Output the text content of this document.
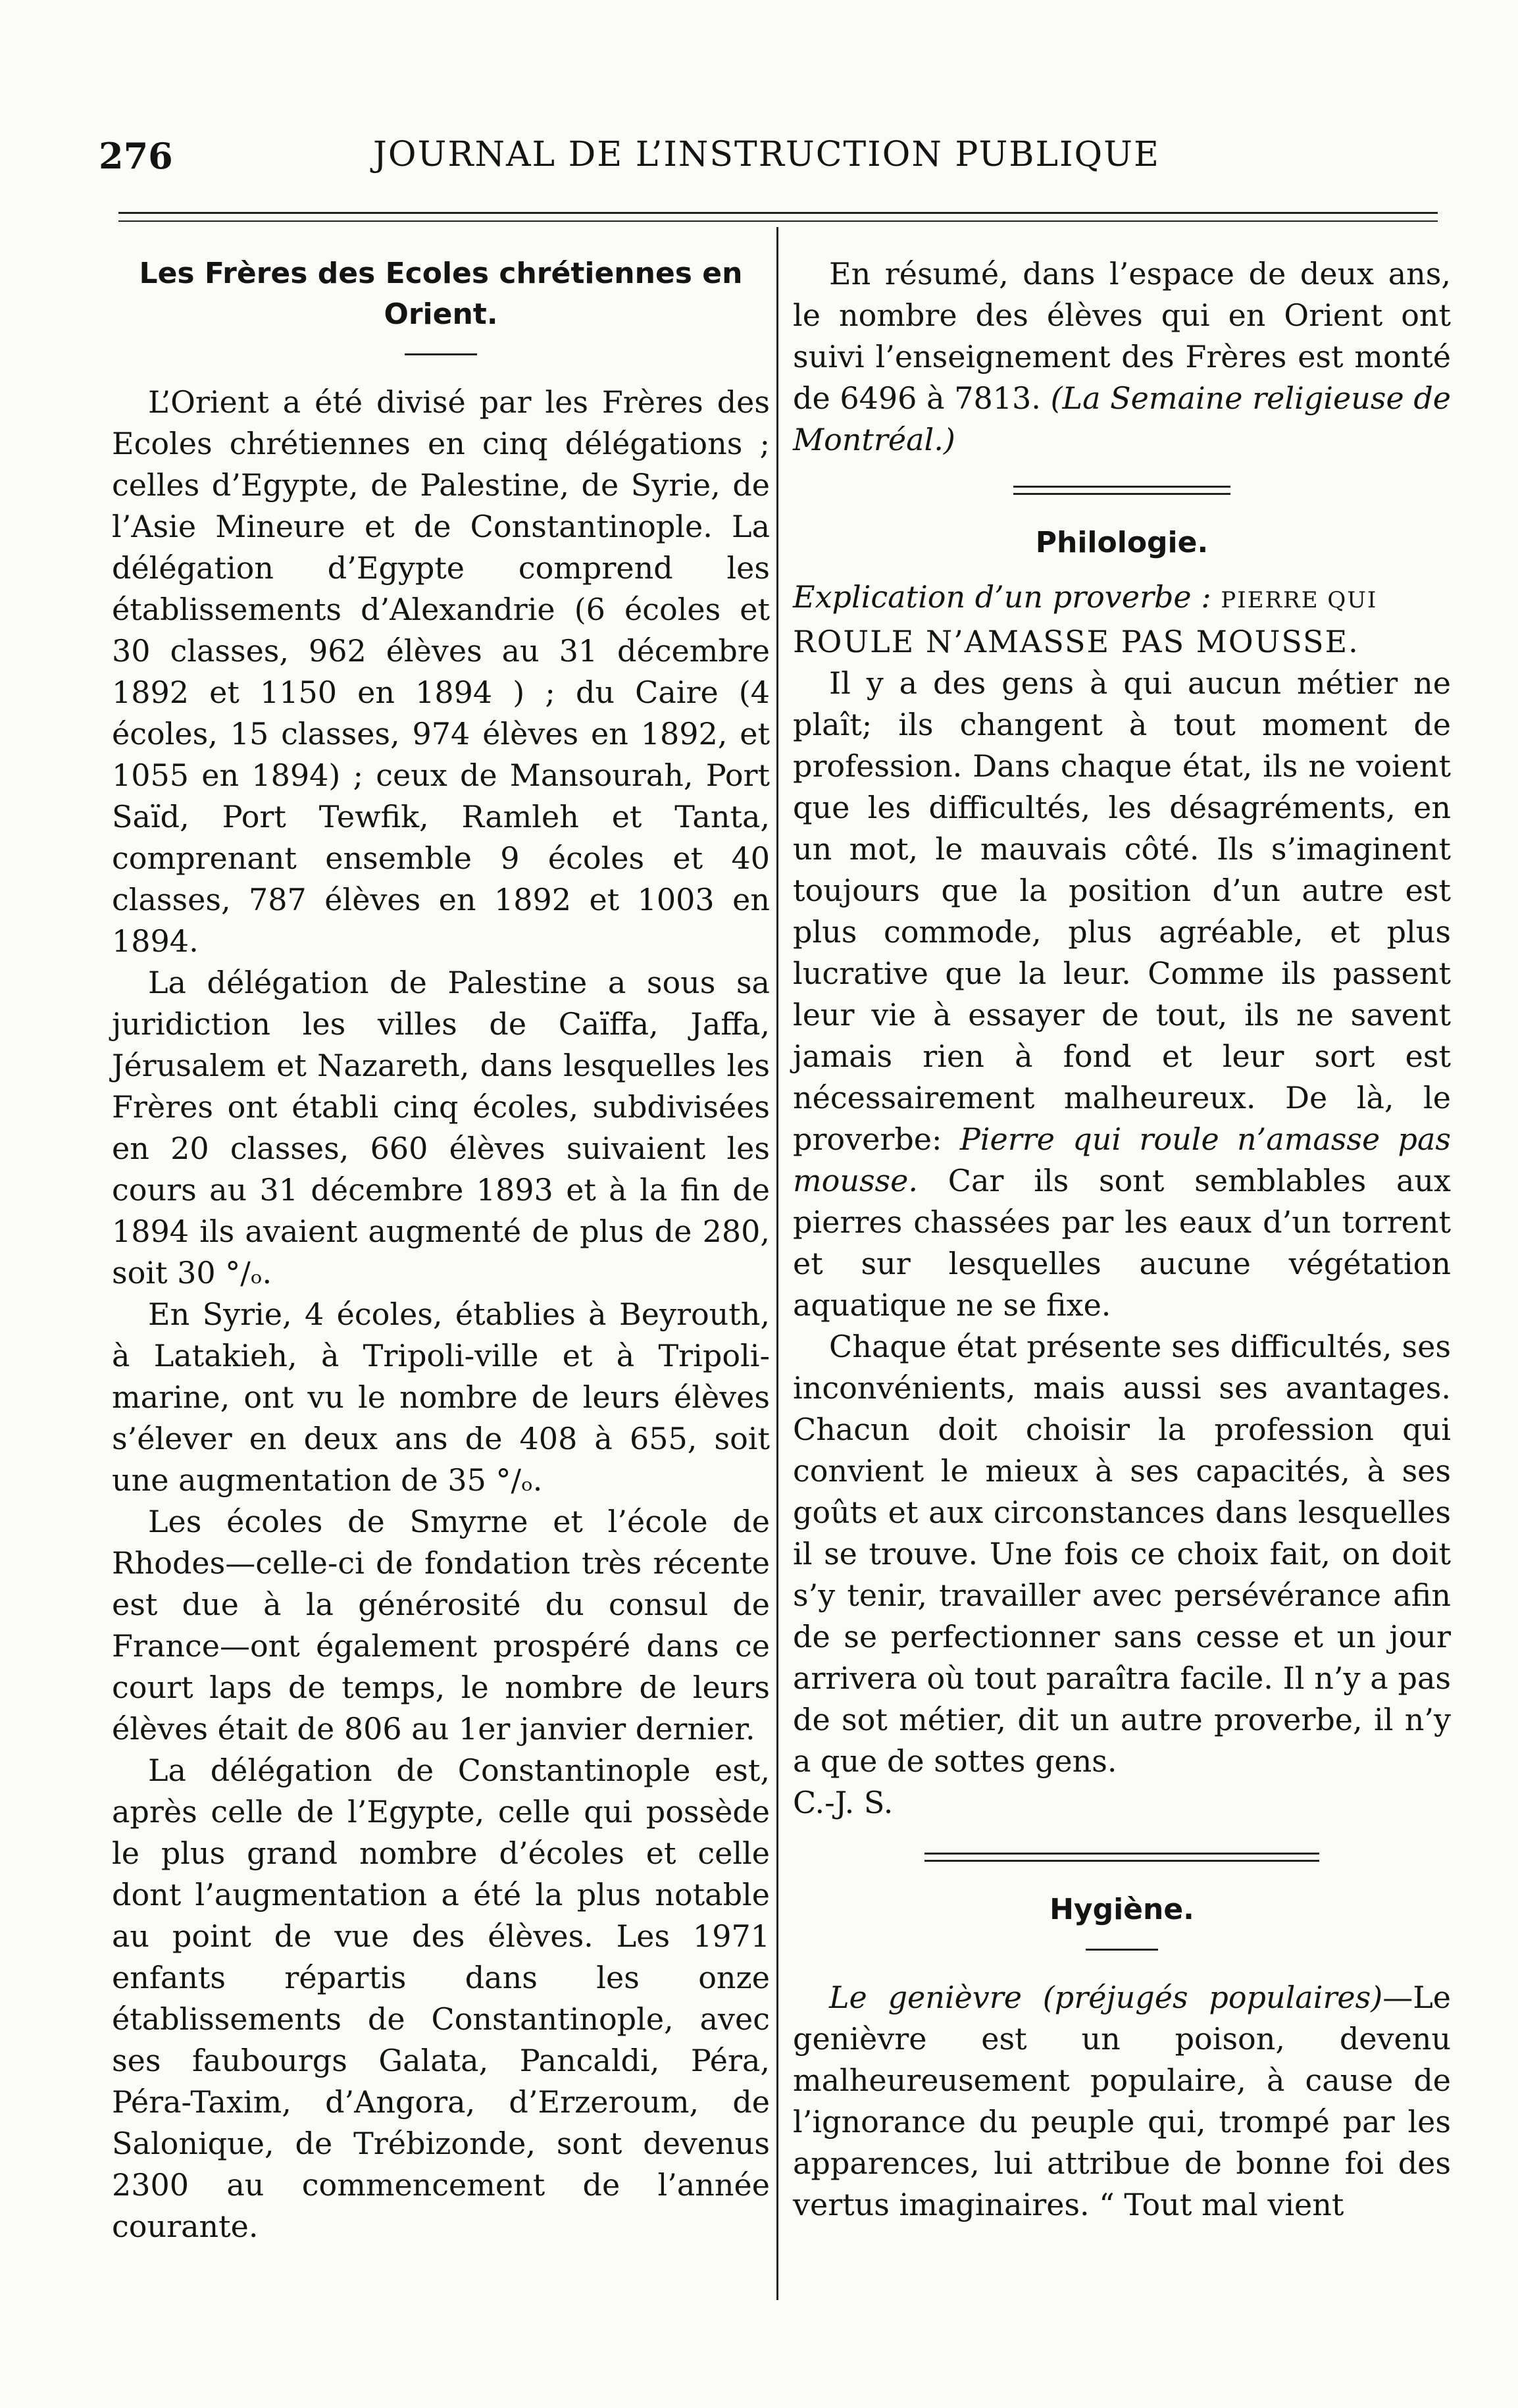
276	JOURNAL DE L’INSTRUCTION PUBLIQUE
Les Frères des Ecoles chrétiennes en Orient.

L’Orient a été divisé par les Frères des Ecoles chrétiennes en cinq délégations ; celles d’Egypte, de Palestine, de Syrie, de l’Asie Mineure et de Constantinople. La délégation d’Egypte comprend les établissements d’Alexandrie (6 écoles et 30 classes, 962 élèves au 31 décembre 1892 et 1150 en 1894 ) ; du Caire (4 écoles, 15 classes, 974 élèves en 1892, et 1055 en 1894) ; ceux de Mansourah, Port Saïd, Port Tewfik, Ramleh et Tanta, comprenant ensemble 9 écoles et 40 classes, 787 élèves en 1892 et 1003 en 1894.

La délégation de Palestine a sous sa juridiction les villes de Caïffa, Jaffa, Jérusalem et Nazareth, dans lesquelles les Frères ont établi cinq écoles, subdivisées en 20 classes, 660 élèves suivaient les cours au 31 décembre 1893 et à la fin de 1894 ils avaient augmenté de plus de 280, soit 30 °/ₒ.

En Syrie, 4 écoles, établies à Beyrouth, à Latakieh, à Tripoli-ville et à Tripoli-marine, ont vu le nombre de leurs élèves s’élever en deux ans de 408 à 655, soit une augmentation de 35 °/ₒ.

Les écoles de Smyrne et l’école de Rhodes—celle-ci de fondation très récente est due à la générosité du consul de France—ont également prospéré dans ce court laps de temps, le nombre de leurs élèves était de 806 au 1er janvier dernier.

La délégation de Constantinople est, après celle de l’Egypte, celle qui possède le plus grand nombre d’écoles et celle dont l’augmentation a été la plus notable au point de vue des élèves. Les 1971 enfants répartis dans les onze établissements de Constantinople, avec ses faubourgs Galata, Pancaldi, Péra, Péra-Taxim, d’Angora, d’Erzeroum, de Salonique, de Trébizonde, sont devenus 2300 au commencement de l’année courante.

En résumé, dans l’espace de deux ans, le nombre des élèves qui en Orient ont suivi l’enseignement des Frères est monté de 6496 à 7813. (La Semaine religieuse de Montréal.)

Philologie.

Explication d’un proverbe : PIERRE QUI

ROULE N’AMASSE PAS MOUSSE.

Il y a des gens à qui aucun métier ne plaît; ils changent à tout moment de profession. Dans chaque état, ils ne voient que les difficultés, les désagréments, en un mot, le mauvais côté. Ils s’imaginent toujours que la position d’un autre est plus commode, plus agréable, et plus lucrative que la leur. Comme ils passent leur vie à essayer de tout, ils ne savent jamais rien à fond et leur sort est nécessairement malheureux. De là, le proverbe: Pierre qui roule n’amasse pas mousse. Car ils sont semblables aux pierres chassées par les eaux d’un torrent et sur lesquelles aucune végétation aquatique ne se fixe.

Chaque état présente ses difficultés, ses inconvénients, mais aussi ses avantages. Chacun doit choisir la profession qui convient le mieux à ses capacités, à ses goûts et aux circonstances dans lesquelles il se trouve. Une fois ce choix fait, on doit s’y tenir, travailler avec persévérance afin de se perfectionner sans cesse et un jour arrivera où tout paraîtra facile. Il n’y a pas de sot métier, dit un autre proverbe, il n’y a que de sottes gens.

C.-J. S.

Hygiène.

Le genièvre (préjugés populaires)—Le genièvre est un poison, devenu malheureusement populaire, à cause de l’ignorance du peuple qui, trompé par les apparences, lui attribue de bonne foi des vertus imaginaires. “ Tout mal vient
